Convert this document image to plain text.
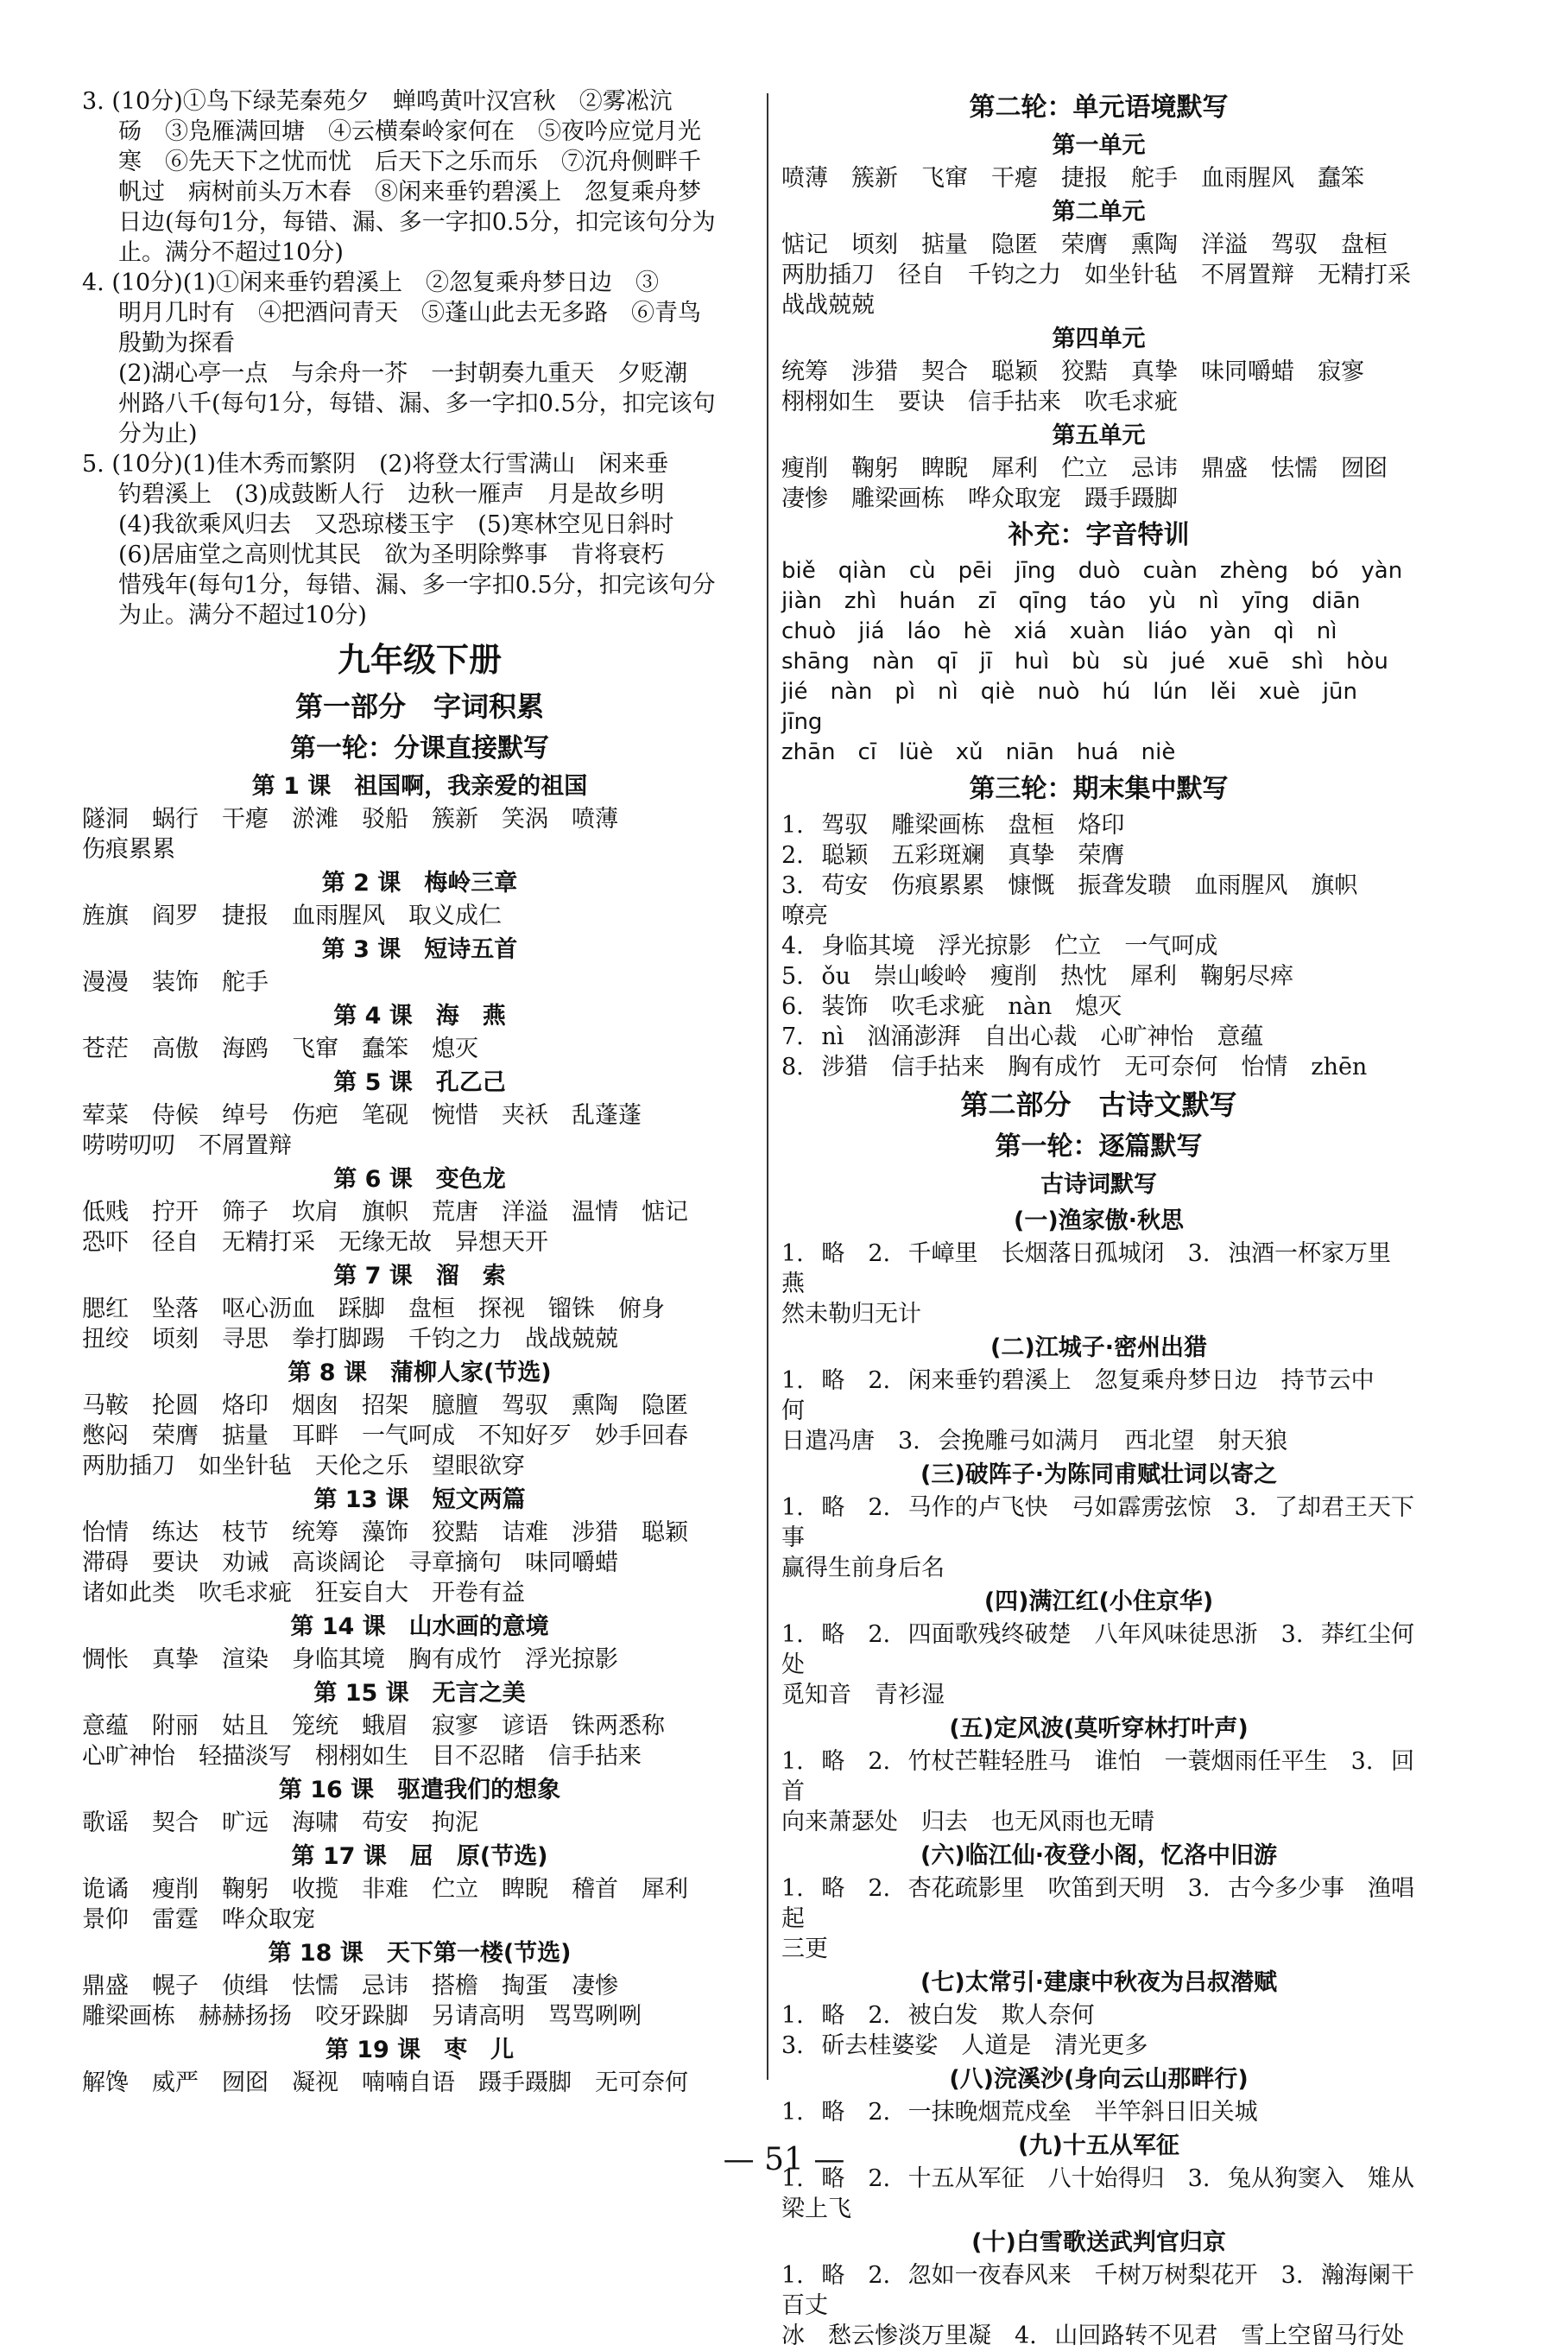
3. (10分)①鸟下绿芜秦苑夕　蝉鸣黄叶汉宫秋　②雾凇沆
砀　③凫雁满回塘　④云横秦岭家何在　⑤夜吟应觉月光
寒　⑥先天下之忧而忧　后天下之乐而乐　⑦沉舟侧畔千
帆过　病树前头万木春　⑧闲来垂钓碧溪上　忽复乘舟梦
日边(每句1分，每错、漏、多一字扣0.5分，扣完该句分为
止。满分不超过10分)
4. (10分)(1)①闲来垂钓碧溪上　②忽复乘舟梦日边　③
明月几时有　④把酒问青天　⑤蓬山此去无多路　⑥青鸟
殷勤为探看
(2)湖心亭一点　与余舟一芥　一封朝奏九重天　夕贬潮
州路八千(每句1分，每错、漏、多一字扣0.5分，扣完该句
分为止)
5. (10分)(1)佳木秀而繁阴　(2)将登太行雪满山　闲来垂
钓碧溪上　(3)成鼓断人行　边秋一雁声　月是故乡明
(4)我欲乘风归去　又恐琼楼玉宇　(5)寒林空见日斜时
(6)居庙堂之高则忧其民　欲为圣明除弊事　肯将衰朽
惜残年(每句1分，每错、漏、多一字扣0.5分，扣完该句分
为止。满分不超过10分)
九年级下册
第一部分　字词积累
第一轮：分课直接默写
第 1 课　祖国啊，我亲爱的祖国
隧洞　蜗行　干瘪　淤滩　驳船　簇新　笑涡　喷薄
伤痕累累
第 2 课　梅岭三章
旌旗　阎罗　捷报　血雨腥风　取义成仁
第 3 课　短诗五首
漫漫　装饰　舵手
第 4 课　海　燕
苍茫　高傲　海鸥　飞窜　蠢笨　熄灭
第 5 课　孔乙己
荤菜　侍候　绰号　伤疤　笔砚　惋惜　夹袄　乱蓬蓬
唠唠叨叨　不屑置辩
第 6 课　变色龙
低贱　拧开　筛子　坎肩　旗帜　荒唐　洋溢　温情　惦记
恐吓　径自　无精打采　无缘无故　异想天开
第 7 课　溜　索
腮红　坠落　呕心沥血　踩脚　盘桓　探视　镏铢　俯身
扭绞　顷刻　寻思　拳打脚踢　千钧之力　战战兢兢
第 8 课　蒲柳人家(节选)
马鞍　抡圆　烙印　烟囱　招架　臆膻　驾驭　熏陶　隐匿
憋闷　荣膺　掂量　耳畔　一气呵成　不知好歹　妙手回春
两肋插刀　如坐针毡　天伦之乐　望眼欲穿
第 13 课　短文两篇
怡情　练达　枝节　统筹　藻饰　狡黠　诘难　涉猎　聪颖
滞碍　要诀　劝诫　高谈阔论　寻章摘句　味同嚼蜡
诸如此类　吹毛求疵　狂妄自大　开卷有益
第 14 课　山水画的意境
惆怅　真挚　渲染　身临其境　胸有成竹　浮光掠影
第 15 课　无言之美
意蕴　附丽　姑且　笼统　蛾眉　寂寥　谚语　铢两悉称
心旷神怡　轻描淡写　栩栩如生　目不忍睹　信手拈来
第 16 课　驱遣我们的想象
歌谣　契合　旷远　海啸　苟安　拘泥
第 17 课　屈　原(节选)
诡谲　瘦削　鞠躬　收揽　非难　伫立　睥睨　稽首　犀利
景仰　雷霆　哗众取宠
第 18 课　天下第一楼(节选)
鼎盛　幌子　侦缉　怯懦　忌讳　搭檐　掏蛋　凄惨
雕梁画栋　赫赫扬扬　咬牙跺脚　另请高明　骂骂咧咧
第 19 课　枣　儿
解馋　威严　囫囵　凝视　喃喃自语　蹑手蹑脚　无可奈何
第二轮：单元语境默写
第一单元
喷薄　簇新　飞窜　干瘪　捷报　舵手　血雨腥风　蠢笨
第二单元
惦记　顷刻　掂量　隐匿　荣膺　熏陶　洋溢　驾驭　盘桓
两肋插刀　径自　千钧之力　如坐针毡　不屑置辩　无精打采
战战兢兢
第四单元
统筹　涉猎　契合　聪颖　狡黠　真挚　味同嚼蜡　寂寥
栩栩如生　要诀　信手拈来　吹毛求疵
第五单元
瘦削　鞠躬　睥睨　犀利　伫立　忌讳　鼎盛　怯懦　囫囵
凄惨　雕梁画栋　哗众取宠　蹑手蹑脚
补充：字音特训
biě　qiàn　cù　pēi　jīng　duò　cuàn　zhèng　bó　yàn
jiàn　zhì　huán　zī　qīng　táo　yù　nì　yīng　diān
chuò　jiá　láo　hè　xiá　xuàn　liáo　yàn　qì　nì
shāng　nàn　qī　jī　huì　bù　sù　jué　xuē　shì　hòu
jié　nàn　pì　nì　qiè　nuò　hú　lún　lěi　xuè　jūn　jīng
zhān　cī　lüè　xǔ　niān　huá　niè
第三轮：期末集中默写
1. 驾驭　雕梁画栋　盘桓　烙印
2. 聪颖　五彩斑斓　真挚　荣膺
3. 苟安　伤痕累累　慷慨　振聋发聩　血雨腥风　旗帜
嘹亮
4. 身临其境　浮光掠影　伫立　一气呵成
5. ǒu　崇山峻岭　瘦削　热忱　犀利　鞠躬尽瘁
6. 装饰　吹毛求疵　nàn　熄灭
7. nì　汹涌澎湃　自出心裁　心旷神怡　意蕴
8. 涉猎　信手拈来　胸有成竹　无可奈何　怡情　zhēn
第二部分　古诗文默写
第一轮：逐篇默写
古诗词默写
(一)渔家傲·秋思
1. 略　2. 千嶂里　长烟落日孤城闭　3. 浊酒一杯家万里　燕
然未勒归无计
(二)江城子·密州出猎
1. 略　2. 闲来垂钓碧溪上　忽复乘舟梦日边　持节云中　何
日遣冯唐　3. 会挽雕弓如满月　西北望　射天狼
(三)破阵子·为陈同甫赋壮词以寄之
1. 略　2. 马作的卢飞快　弓如霹雳弦惊　3. 了却君王天下事
赢得生前身后名
(四)满江红(小住京华)
1. 略　2. 四面歌残终破楚　八年风味徒思浙　3. 莽红尘何处
觅知音　青衫湿
(五)定风波(莫听穿林打叶声)
1. 略　2. 竹杖芒鞋轻胜马　谁怕　一蓑烟雨任平生　3. 回首
向来萧瑟处　归去　也无风雨也无晴
(六)临江仙·夜登小阁，忆洛中旧游
1. 略　2. 杏花疏影里　吹笛到天明　3. 古今多少事　渔唱起
三更
(七)太常引·建康中秋夜为吕叔潜赋
1. 略　2. 被白发　欺人奈何
3. 斫去桂婆娑　人道是　清光更多
(八)浣溪沙(身向云山那畔行)
1. 略　2. 一抹晚烟荒戍垒　半竿斜日旧关城
(九)十五从军征
1. 略　2. 十五从军征　八十始得归　3. 兔从狗窦入　雉从梁上飞
(十)白雪歌送武判官归京
1. 略　2. 忽如一夜春风来　千树万树梨花开　3. 瀚海阑干百丈
冰　愁云惨淡万里凝　4. 山回路转不见君　雪上空留马行处
— 51 —
